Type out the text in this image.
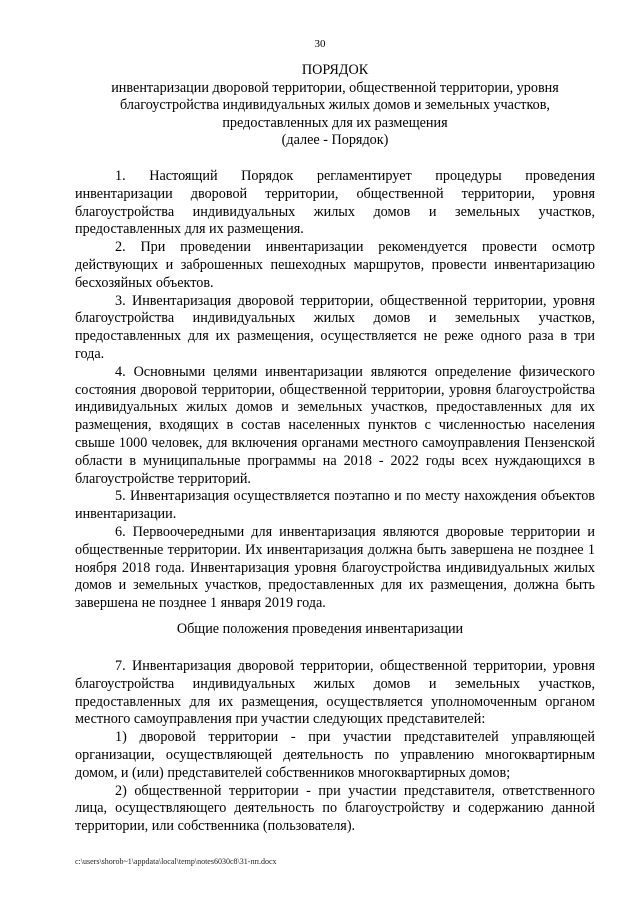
30
ПОРЯДОК
инвентаризации дворовой территории, общественной территории, уровня
благоустройства индивидуальных жилых домов и земельных участков,
предоставленных для их размещения
(далее - Порядок)

1. Настоящий Порядок регламентирует процедуры проведения инвентаризации дворовой территории, общественной территории, уровня благоустройства индивидуальных жилых домов и земельных участков, предоставленных для их размещения.

2. При проведении инвентаризации рекомендуется провести осмотр действующих и заброшенных пешеходных маршрутов, провести инвентаризацию бесхозяйных объектов.

3. Инвентаризация дворовой территории, общественной территории, уровня благоустройства индивидуальных жилых домов и земельных участков, предоставленных для их размещения, осуществляется не реже одного раза в три года.

4. Основными целями инвентаризации являются определение физического состояния дворовой территории, общественной территории, уровня благоустройства индивидуальных жилых домов и земельных участков, предоставленных для их размещения, входящих в состав населенных пунктов с численностью населения свыше 1000 человек, для включения органами местного самоуправления Пензенской области в муниципальные программы на 2018 - 2022 годы всех нуждающихся в благоустройстве территорий.

5. Инвентаризация осуществляется поэтапно и по месту нахождения объектов инвентаризации.

6. Первоочередными для инвентаризация являются дворовые территории и общественные территории. Их инвентаризация должна быть завершена не позднее 1 ноября 2018 года. Инвентаризация уровня благоустройства индивидуальных жилых домов и земельных участков, предоставленных для их размещения, должна быть завершена не позднее 1 января 2019 года.

Общие положения проведения инвентаризации

7. Инвентаризация дворовой территории, общественной территории, уровня благоустройства индивидуальных жилых домов и земельных участков, предоставленных для их размещения, осуществляется уполномоченным органом местного самоуправления при участии следующих представителей:

1) дворовой территории - при участии представителей управляющей организации, осуществляющей деятельность по управлению многоквартирным домом, и (или) представителей собственников многоквартирных домов;

2) общественной территории - при участии представителя, ответственного лица, осуществляющего деятельность по благоустройству и содержанию данной территории, или собственника (пользователя).

c:\users\shorob~1\appdata\local\temp\notes6030c8\31-пп.docx
